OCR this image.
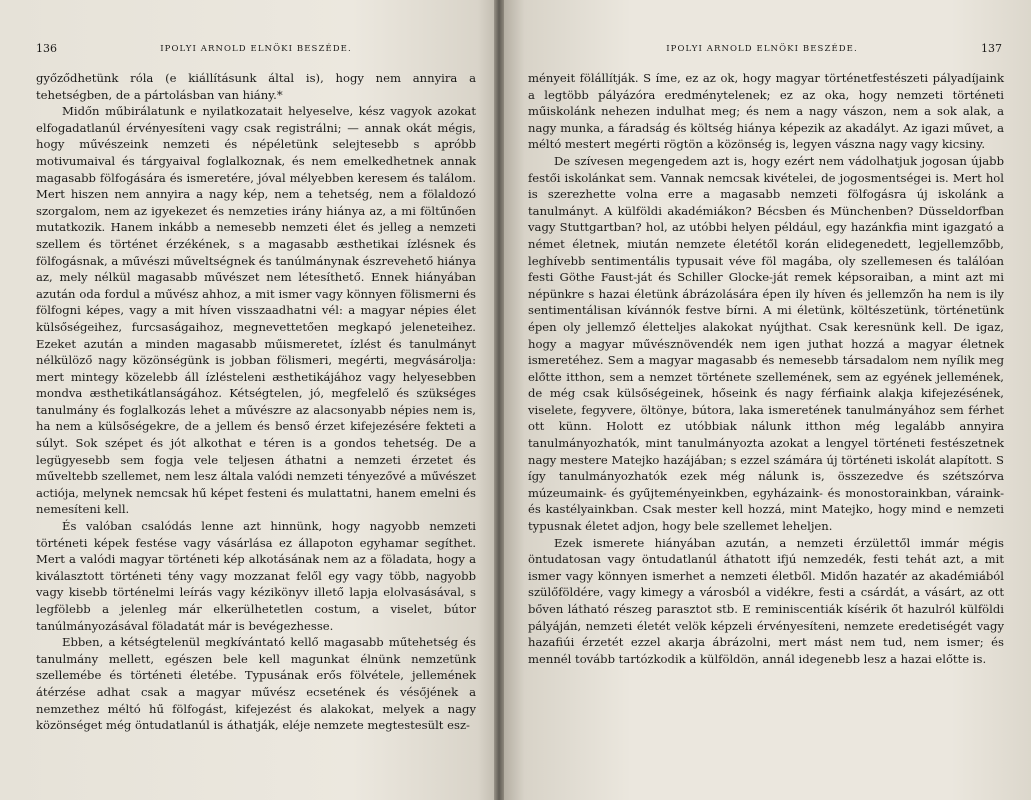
136	IPOLYI ARNOLD ELNÖKI BESZÉDE.

győződhetünk róla (e kiállításunk által is), hogy nem annyira a tehetségben, de a pártolásban van hiány.*

Midőn műbirálatunk e nyilatkozatait helyeselve, kész vagyok azokat elfogadatlanúl érvényesíteni vagy csak registrálni; — annak okát mégis, hogy művészeink nemzeti és népéletünk selejtesebb s apróbb motivumaival és tárgyaival foglalkoznak, és nem emelkedhetnek annak magasabb fölfogására és ismeretére, jóval mélyebben keresem és találom. Mert hiszen nem annyira a nagy kép, nem a tehetség, nem a fölaldozó szorgalom, nem az igyekezet és nemzeties irány hiánya az, a mi föltűnően mutatkozik. Hanem inkább a nemesebb nemzeti élet és jelleg a nemzeti szellem és történet érzékének, s a magasabb æsthetikai ízlésnek és fölfogásnak, a művészi műveltségnek és tanúlmánynak észrevehető hiánya az, mely nélkül magasabb művészet nem létesíthető. Ennek hiányában azután oda fordul a művész ahhoz, a mit ismer vagy könnyen fölismerni és fölfogni képes, vagy a mit híven visszaadhatni vél: a magyar népies élet külsőségeihez, furcsaságaihoz, megnevettetően megkapó jeleneteihez. Ezeket azután a minden magasabb műismeretet, ízlést és tanulmányt nélkülöző nagy közönségünk is jobban fölismeri, megérti, megvásárolja: mert mintegy közelebb áll ízlésteleni æsthetikájához vagy helyesebben mondva æsthetikátlanságához. Kétségtelen, jó, megfelelő és szükséges tanulmány és foglalkozás lehet a művészre az alacsonyabb népies nem is, ha nem a külsőségekre, de a jellem és benső érzet kifejezésére fekteti a súlyt. Sok szépet és jót alkothat e téren is a gondos tehetség. De a legügyesebb sem fogja vele teljesen áthatni a nemzeti érzetet és műveltebb szellemet, nem lesz általa valódi nemzeti tényezővé a művészet actiója, melynek nemcsak hű képet festeni és mulattatni, hanem emelni és nemesíteni kell.

És valóban csalódás lenne azt hinnünk, hogy nagyobb nemzeti történeti képek festése vagy vásárlása ez állapoton egyhamar segíthet. Mert a valódi magyar történeti kép alkotásának nem az a föladata, hogy a kiválasztott történeti tény vagy mozzanat felől egy vagy több, nagyobb vagy kisebb történelmi leírás vagy kézikönyv illető lapja elolvasásával, s legfölebb a jelenleg már elkerülhetetlen costum, a viselet, bútor tanúlmányozásával föladatát már is bevégezhesse.

Ebben, a kétségtelenül megkívántató kellő magasabb műtehetség és tanulmány mellett, egészen bele kell magunkat élnünk nemzetünk szellemébe és történeti életébe. Typusának erős fölvétele, jellemének átérzése adhat csak a magyar művész ecsetének és vésőjének a nemzethez méltó hű fölfogást, kifejezést és alakokat, melyek a nagy közönséget még öntudatlanúl is áthatják, eléje nemzete megtestesült esz-

IPOLYI ARNOLD ELNÖKI BESZÉDE.	137

ményeit fölállítják. S íme, ez az ok, hogy magyar történetfestészeti pályadíjaink a legtöbb pályázóra eredménytelenek; ez az oka, hogy nemzeti történeti műiskolánk nehezen indulhat meg; és nem a nagy vászon, nem a sok alak, a nagy munka, a fáradság és költség hiánya képezik az akadályt. Az igazi művet, a méltó mestert megérti rögtön a közönség is, legyen vászna nagy vagy kicsiny.

De szívesen megengedem azt is, hogy ezért nem vádolhatjuk jogosan újabb festői iskolánkat sem. Vannak nemcsak kivételei, de jogosmentségei is. Mert hol is szerezhette volna erre a magasabb nemzeti fölfogásra új iskolánk a tanulmányt. A külföldi akadémiákon? Bécsben és Münchenben? Düsseldorfban vagy Stuttgartban? hol, az utóbbi helyen például, egy hazánkfia mint igazgató a német életnek, miután nemzete életétől korán elidegenedett, legjellemzőbb, leghívebb sentimentális typusait véve föl magába, oly szellemesen és találóan festi Göthe Faust-ját és Schiller Glocke-ját remek képsoraiban, a mint azt mi népünkre s hazai életünk ábrázolására épen ily híven és jellemzőn ha nem is ily sentimentálisan kívánnók festve bírni. A mi életünk, költészetünk, történetünk épen oly jellemző életteljes alakokat nyújthat. Csak keresnünk kell. De igaz, hogy a magyar művésznövendék nem igen juthat hozzá a magyar életnek ismeretéhez. Sem a magyar magasabb és nemesebb társadalom nem nyílik meg előtte itthon, sem a nemzet története szellemének, sem az egyének jellemének, de még csak külsőségeinek, hőseink és nagy férfiaink alakja kifejezésének, viselete, fegyvere, öltönye, bútora, laka ismeretének tanulmányához sem férhet ott künn. Holott ez utóbbiak nálunk itthon még legalább annyira tanulmányozhatók, mint tanulmányozta azokat a lengyel történeti festészetnek nagy mestere Matejko hazájában; s ezzel számára új történeti iskolát alapított. S így tanulmányozhatók ezek még nálunk is, összezedve és szétszórva múzeumaink- és gyűjteményeinkben, egyházaink- és monostorainkban, váraink- és kastélyainkban. Csak mester kell hozzá, mint Matejko, hogy mind e nemzeti typusnak életet adjon, hogy bele szellemet leheljen.

Ezek ismerete hiányában azután, a nemzeti érzülettől immár mégis öntudatosan vagy öntudatlanúl áthatott ifjú nemzedék, festi tehát azt, a mit ismer vagy könnyen ismerhet a nemzeti életből. Midőn hazatér az akadémiából szülőföldére, vagy kimegy a városból a vidékre, festi a csárdát, a vásárt, az ott bőven látható részeg parasztot stb. E reminiscentiák kísérik őt hazulról külföldi pályáján, nemzeti életét velök képzeli érvényesíteni, nemzete eredetiségét vagy hazafiúi érzetét ezzel akarja ábrázolni, mert mást nem tud, nem ismer; és mennél tovább tartózkodik a külföldön, annál idegenebb lesz a hazai előtte is.
